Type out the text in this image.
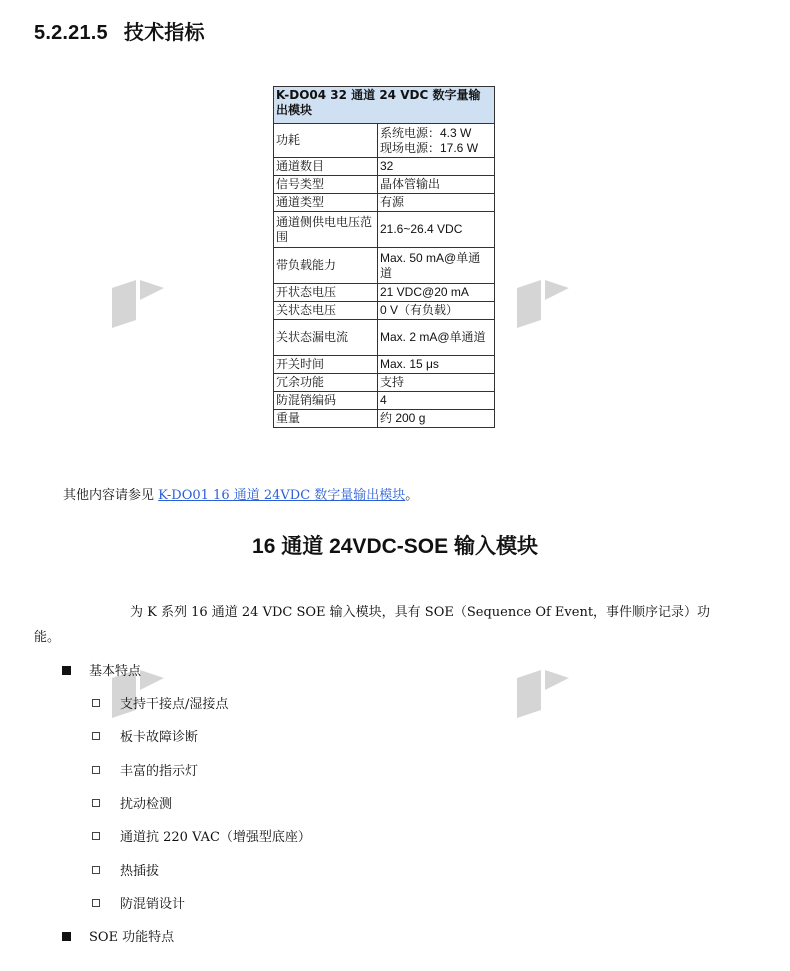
5.2.21.5 技术指标
K-DO04 32 通道 24 VDC 数字量输出模块	
功耗	系统电源：4.3 W
现场电源：17.6 W
通道数目	32
信号类型	晶体管输出
通道类型	有源
通道侧供电电压范围	21.6~26.4 VDC
带负载能力	Max. 50 mA@单通道
开状态电压	21 VDC@20 mA
关状态电压	0 V（有负载）
关状态漏电流	Max. 2 mA@单通道
开关时间	Max. 15 μs
冗余功能	支持
防混销编码	4
重量	约 200 g
其他内容请参见 K-DO01 16 通道 24VDC 数字量输出模块。
16 通道 24VDC-SOE 输入模块
为 K 系列 16 通道 24 VDC SOE 输入模块，具有 SOE（Sequence Of Event，事件顺序记录）功能。
基本特点
支持干接点/湿接点
板卡故障诊断
丰富的指示灯
扰动检测
通道抗 220 VAC（增强型底座）
热插拔
防混销设计
SOE 功能特点
